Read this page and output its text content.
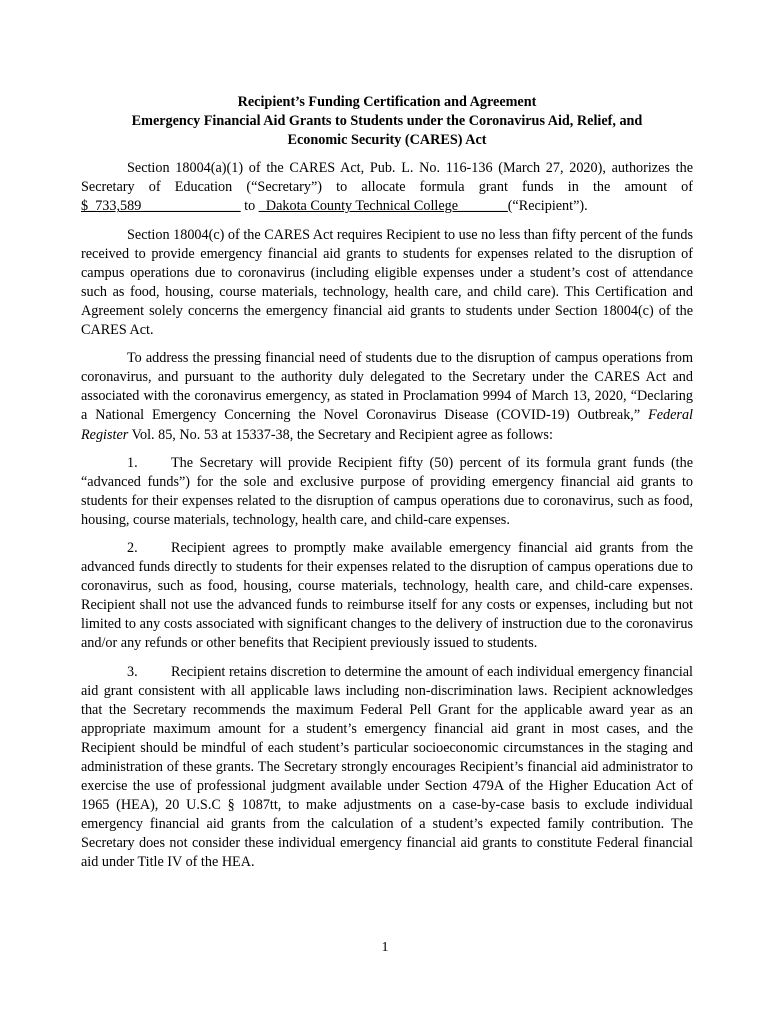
Recipient’s Funding Certification and Agreement
Emergency Financial Aid Grants to Students under the Coronavirus Aid, Relief, and
Economic Security (CARES) Act
Section 18004(a)(1) of the CARES Act, Pub. L. No. 116-136 (March 27, 2020), authorizes the Secretary of Education (“Secretary”) to allocate formula grant funds in the amount of $_733,589______________ to _Dakota County Technical College_______(“Recipient”).
Section 18004(c) of the CARES Act requires Recipient to use no less than fifty percent of the funds received to provide emergency financial aid grants to students for expenses related to the disruption of campus operations due to coronavirus (including eligible expenses under a student’s cost of attendance such as food, housing, course materials, technology, health care, and child care). This Certification and Agreement solely concerns the emergency financial aid grants to students under Section 18004(c) of the CARES Act.
To address the pressing financial need of students due to the disruption of campus operations from coronavirus, and pursuant to the authority duly delegated to the Secretary under the CARES Act and associated with the coronavirus emergency, as stated in Proclamation 9994 of March 13, 2020, “Declaring a National Emergency Concerning the Novel Coronavirus Disease (COVID-19) Outbreak,” Federal Register Vol. 85, No. 53 at 15337-38, the Secretary and Recipient agree as follows:
1. The Secretary will provide Recipient fifty (50) percent of its formula grant funds (the “advanced funds”) for the sole and exclusive purpose of providing emergency financial aid grants to students for their expenses related to the disruption of campus operations due to coronavirus, such as food, housing, course materials, technology, health care, and child-care expenses.
2. Recipient agrees to promptly make available emergency financial aid grants from the advanced funds directly to students for their expenses related to the disruption of campus operations due to coronavirus, such as food, housing, course materials, technology, health care, and child-care expenses. Recipient shall not use the advanced funds to reimburse itself for any costs or expenses, including but not limited to any costs associated with significant changes to the delivery of instruction due to the coronavirus and/or any refunds or other benefits that Recipient previously issued to students.
3. Recipient retains discretion to determine the amount of each individual emergency financial aid grant consistent with all applicable laws including non-discrimination laws. Recipient acknowledges that the Secretary recommends the maximum Federal Pell Grant for the applicable award year as an appropriate maximum amount for a student’s emergency financial aid grant in most cases, and the Recipient should be mindful of each student’s particular socioeconomic circumstances in the staging and administration of these grants. The Secretary strongly encourages Recipient’s financial aid administrator to exercise the use of professional judgment available under Section 479A of the Higher Education Act of 1965 (HEA), 20 U.S.C § 1087tt, to make adjustments on a case-by-case basis to exclude individual emergency financial aid grants from the calculation of a student’s expected family contribution. The Secretary does not consider these individual emergency financial aid grants to constitute Federal financial aid under Title IV of the HEA.
1
